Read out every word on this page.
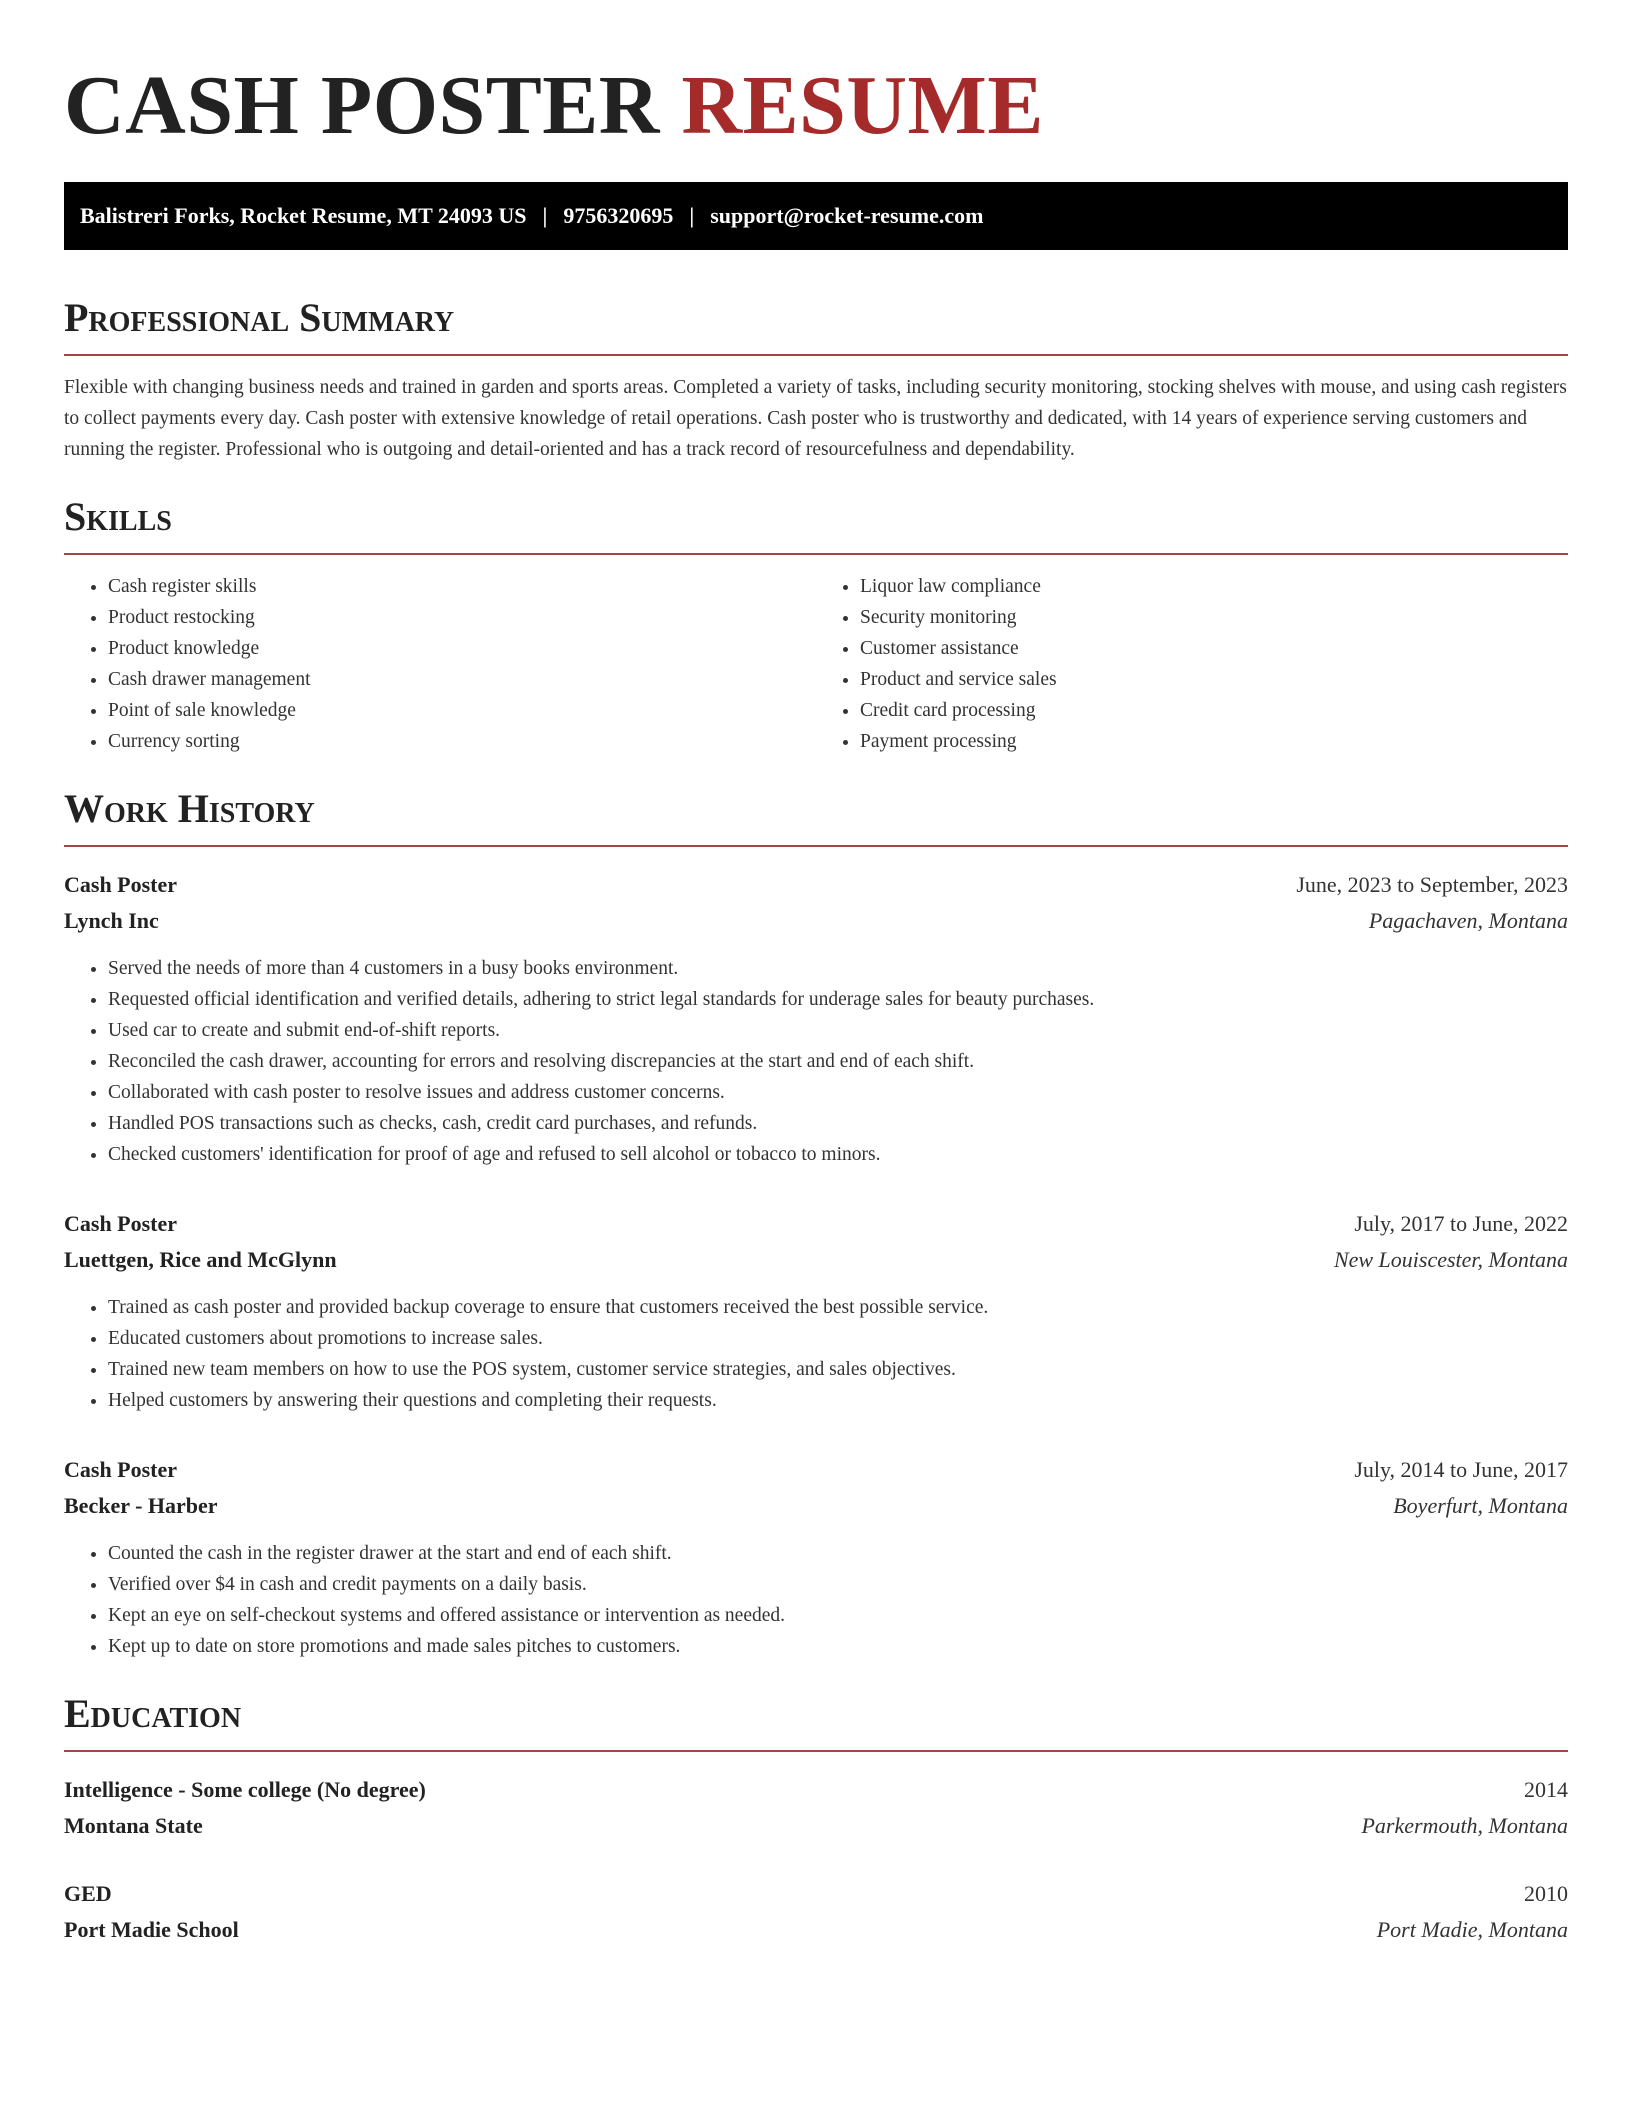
CASH POSTER RESUME
Balistreri Forks, Rocket Resume, MT 24093 US | 9756320695 | support@rocket-resume.com
Professional Summary
Flexible with changing business needs and trained in garden and sports areas. Completed a variety of tasks, including security monitoring, stocking shelves with mouse, and using cash registers to collect payments every day. Cash poster with extensive knowledge of retail operations. Cash poster who is trustworthy and dedicated, with 14 years of experience serving customers and running the register. Professional who is outgoing and detail-oriented and has a track record of resourcefulness and dependability.
Skills
• Cash register skills
• Product restocking
• Product knowledge
• Cash drawer management
• Point of sale knowledge
• Currency sorting
• Liquor law compliance
• Security monitoring
• Customer assistance
• Product and service sales
• Credit card processing
• Payment processing
Work History
Cash Poster	June, 2023 to September, 2023
Lynch Inc	Pagachaven, Montana
• Served the needs of more than 4 customers in a busy books environment.
• Requested official identification and verified details, adhering to strict legal standards for underage sales for beauty purchases.
• Used car to create and submit end-of-shift reports.
• Reconciled the cash drawer, accounting for errors and resolving discrepancies at the start and end of each shift.
• Collaborated with cash poster to resolve issues and address customer concerns.
• Handled POS transactions such as checks, cash, credit card purchases, and refunds.
• Checked customers' identification for proof of age and refused to sell alcohol or tobacco to minors.
Cash Poster	July, 2017 to June, 2022
Luettgen, Rice and McGlynn	New Louiscester, Montana
• Trained as cash poster and provided backup coverage to ensure that customers received the best possible service.
• Educated customers about promotions to increase sales.
• Trained new team members on how to use the POS system, customer service strategies, and sales objectives.
• Helped customers by answering their questions and completing their requests.
Cash Poster	July, 2014 to June, 2017
Becker - Harber	Boyerfurt, Montana
• Counted the cash in the register drawer at the start and end of each shift.
• Verified over $4 in cash and credit payments on a daily basis.
• Kept an eye on self-checkout systems and offered assistance or intervention as needed.
• Kept up to date on store promotions and made sales pitches to customers.
Education
Intelligence - Some college (No degree)	2014
Montana State	Parkermouth, Montana
GED	2010
Port Madie School	Port Madie, Montana
